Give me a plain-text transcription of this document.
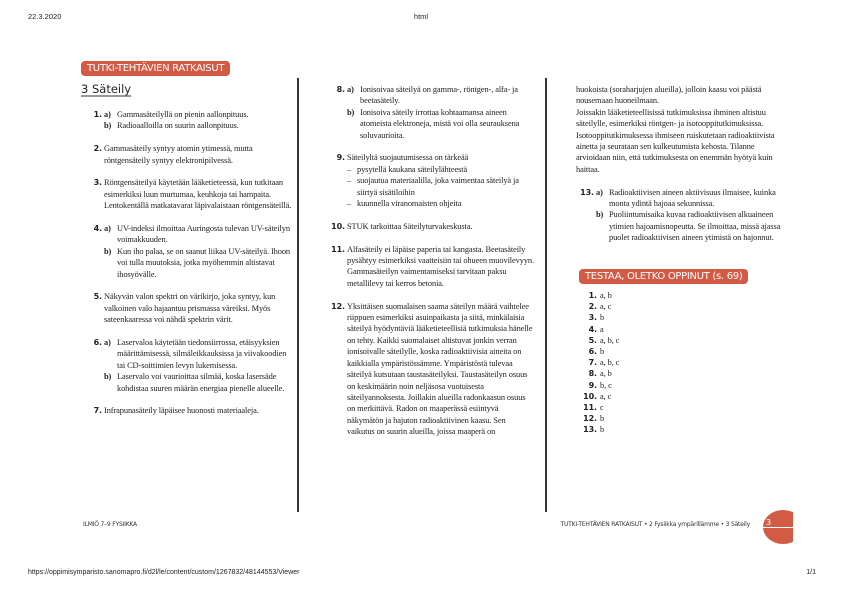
22.3.2020	html
TUTKI-TEHTÄVIEN RATKAISUT
3 Säteily
1. a) Gammasäteilyllä on pienin aallonpituus.
b) Radioaalloilla on suurin aallonpituus.
2. Gammasäteily syntyy atomin ytimessä, mutta röntgensäteily syntyy elektronipilvessä.

3. Röntgensäteilyä käytetään lääketieteessä, kun tutkitaan esimerkiksi luun murtumaa, keuhkoja tai hampaita. Lentokentällä matkatavarat läpivalaistaan röntgensäteillä.

4. a) UV-indeksi ilmoittaa Auringosta tulevan UV-säteilyn voimakkuuden.
b) Kun iho palaa, se on saanut liikaa UV-säteilyä. Ihoon voi tulla muutoksia, jotka myöhemmin altistavat ihosyövälle.
5. Näkyvän valon spektri on värikirjo, joka syntyy, kun valkoinen valo hajaantuu prismassa väreiksi. Myös sateenkaaressa voi nähdä spektrin värit.

6. a) Laservaloa käytetään tiedonsiirrossa, etäisyyksien määrittämisessä, silmäleikkauksissa ja viivakoodien tai CD-soittimien levyn lukemisessa.
b) Laservalo voi vaurioittaa silmää, koska lasersäde kohdistaa suuren määrän energiaa pienelle alueelle.
7. Infrapunasäteily läpäisee huonosti materiaaleja.

8. a) Ionisoivaa säteilyä on gamma-, röntgen-, alfa- ja beetasäteily.
b) Ionisoiva säteily irrottaa kohtaamansa aineen atomeista elektroneja, mistä voi olla seurauksena soluvaurioita.
9. Säteilyltä suojautumisessa on tärkeää

– pysytellä kaukana säteilylähteestä
– suojautua materiaalilla, joka vaimentaa säteilyä ja siirtyä sisätiloihin
– kuunnella viranomaisten ohjeita
10. STUK tarkoittaa Säteilyturvakeskusta.

11. Alfasäteily ei läpäise paperia tai kangasta. Beetasäteily pysähtyy esimerkiksi vaatteisiin tai ohueen muovilevyyn. Gammasäteilyn vaimentamiseksi tarvitaan paksu metallilevy tai kerros betonia.

12. Yksittäisen suomalaisen saama säteilyn määrä vaihtelee riippuen esimerkiksi asuinpaikasta ja siitä, minkälaisia säteilyä hyödyntäviä lääketieteellisiä tutkimuksia hänelle on tehty. Kaikki suomalaiset altistuvat jonkin verran ionisoivalle säteilylle, koska radioaktiivisia aineita on kaikkialla ympäristössämme. Ympäristöstä tulevaa säteilyä kutsutaan taustasäteilyksi. Taustasäteilyn osuus on keskimäärin noin neljäsosa vuotuisesta säteilyannoksesta. Joillakin alueilla radonkaasun osuus on merkittävä. Radon on maaperässä esiintyvä näkymätön ja hajuton radioaktiivinen kaasu. Sen vaikutus on suurin alueilla, joissa maaperä on

huokoista (soraharjujen alueilla), jolloin kaasu voi päästä nousemaan huoneilmaan.

Joissakin lääketieteellisissä tutkimuksissa ihminen altistuu säteilylle, esimerkiksi röntgen- ja isotooppitutkimuksissa. Isotooppitutkimuksessa ihmiseen ruiskutetaan radioaktiivista ainetta ja seurataan sen kulkeutumista kehosta. Tilanne arvioidaan niin, että tutkimuksesta on enemmän hyötyä kuin haittaa.

13. a) Radioaktiivisen aineen aktiivisuus ilmaisee, kuinka monta ydintä hajoaa sekunnissa.
b) Puoliintumisaika kuvaa radioaktiivisen alkuaineen ytimien hajoamisnopeutta. Se ilmoittaa, missä ajassa puolet radioaktiivisen aineen ytimistä on hajonnut.
TESTAA, OLETKO OPPINUT (s. 69)
1. a, b
2. a, c
3. b
4. a
5. a, b, c
6. b
7. a, b, c
8. a, b
9. b, c
10. a, c
11. c
12. b
13. b
ILMIÖ 7–9 FYSIIKKA	TUTKI-TEHTÄVIEN RATKAISUT • 2 Fysiikka ympärillämme • 3 Säteily 3
https://oppimisymparisto.sanomapro.fi/d2l/le/content/custom/1267832/48144553/Viewer	1/1
